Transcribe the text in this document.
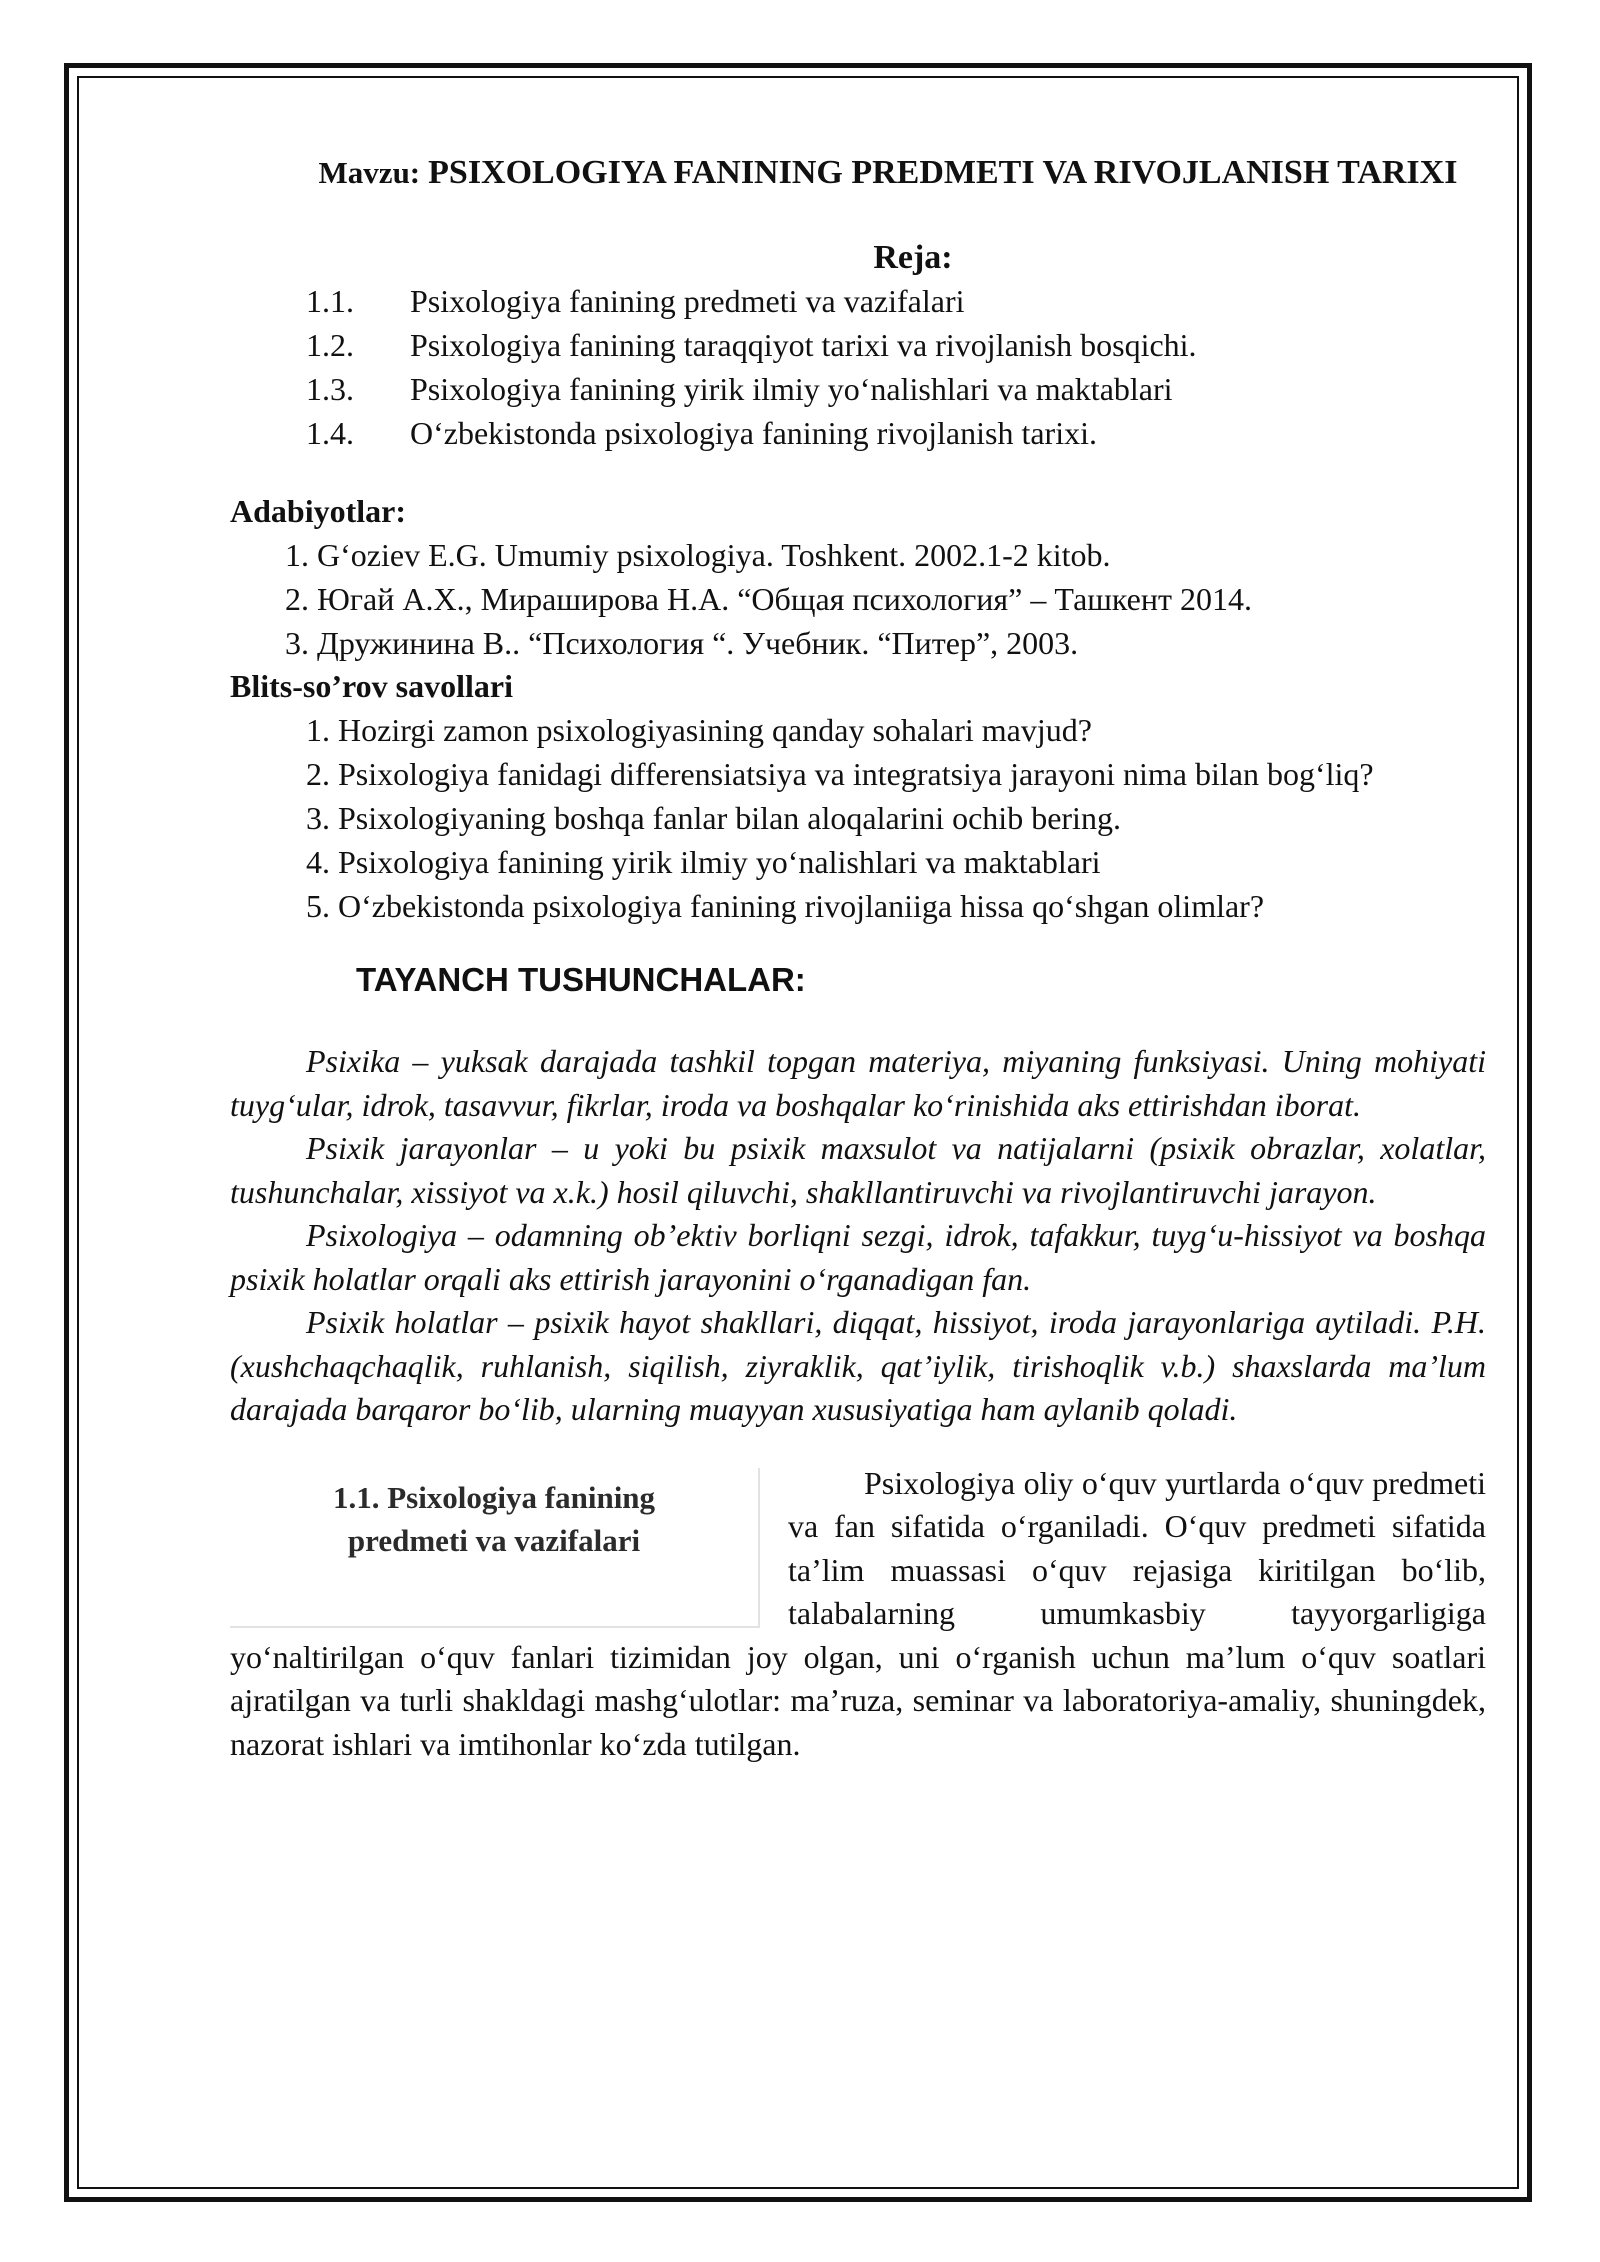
Mavzu: PSIXOLOGIYA FANINING PREDMETI VA RIVOJLANISH TARIXI

Reja:
1.1.	Psixologiya fanining predmeti va vazifalari
1.2.	Psixologiya fanining taraqqiyot tarixi va rivojlanish bosqichi.
1.3.	Psixologiya fanining yirik ilmiy yo‘nalishlari va maktablari
1.4.	O‘zbekistonda psixologiya fanining rivojlanish tarixi.
Adabiyotlar:
1. G‘oziev E.G. Umumiy psixologiya. Toshkent. 2002.1-2 kitob.
2. Югай А.Х., Мираширова Н.А. “Общая психология” – Ташкент 2014.
3. Дружинина В.. “Психология “. Учебник. “Питер”, 2003.
Blits-so’rov savollari
1. Hozirgi zamon psixologiyasining qanday sohalari mavjud?
2. Psixologiya fanidagi differensiatsiya va integratsiya jarayoni nima bilan bog‘liq?
3. Psixologiyaning boshqa fanlar bilan aloqalarini ochib bering.
4. Psixologiya fanining yirik ilmiy yo‘nalishlari va maktablari
5. O‘zbekistonda psixologiya fanining rivojlaniiga hissa qo‘shgan olimlar?
TAYANCH TUSHUNCHALAR:

Psixika – yuksak darajada tashkil topgan materiya, miyaning funksiyasi. Uning mohiyati tuyg‘ular, idrok, tasavvur, fikrlar, iroda va boshqalar ko‘rinishida aks ettirishdan iborat.

Psixik jarayonlar – u yoki bu psixik maxsulot va natijalarni (psixik obrazlar, xolatlar, tushunchalar, xissiyot va x.k.) hosil qiluvchi, shakllantiruvchi va rivojlantiruvchi jarayon.

Psixologiya – odamning ob’ektiv borliqni sezgi, idrok, tafakkur, tuyg‘u-hissiyot va boshqa psixik holatlar orqali aks ettirish jarayonini o‘rganadigan fan.

Psixik holatlar – psixik hayot shakllari, diqqat, hissiyot, iroda jarayonlariga aytiladi. P.H. (xushchaqchaqlik, ruhlanish, siqilish, ziyraklik, qat’iylik, tirishoqlik v.b.) shaxslarda ma’lum darajada barqaror bo‘lib, ularning muayyan xususiyatiga ham aylanib qoladi.

1.1. Psixologiya fanining
predmeti va vazifalari
Psixologiya oliy o‘quv yurtlarda o‘quv predmeti va fan sifatida o‘rganiladi. O‘quv predmeti sifatida ta’lim muassasi o‘quv rejasiga kiritilgan bo‘lib, talabalarning umumkasbiy tayyorgarligiga yo‘naltirilgan o‘quv fanlari tizimidan joy olgan, uni o‘rganish uchun ma’lum o‘quv soatlari ajratilgan va turli shakldagi mashg‘ulotlar: ma’ruza, seminar va laboratoriya-amaliy, shuningdek, nazorat ishlari va imtihonlar ko‘zda tutilgan.
